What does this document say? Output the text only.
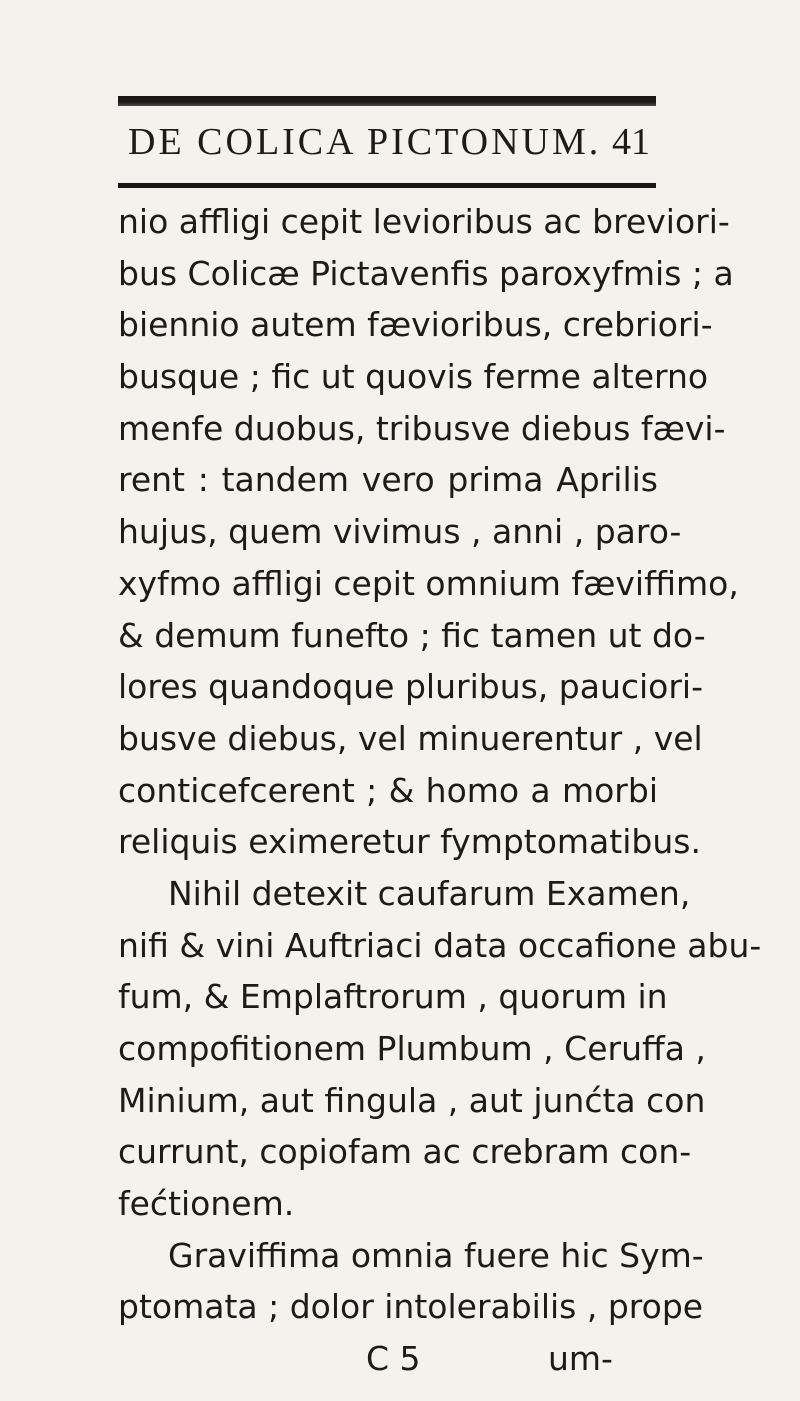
DE COLICA PICTONUM. 41
nio affligi cepit levioribus ac breviori-
bus Colicæ Pictavenfis paroxyfmis ; a
biennio autem fævioribus, crebriori-
busque ; fic ut quovis ferme alterno
menfe duobus, tribusve diebus fævi-
rent : tandem vero prima Aprilis
hujus, quem vivimus , anni , paro-
xyfmo affligi cepit omnium fæviffimo,
& demum funefto ; fic tamen ut do-
lores quandoque pluribus, pauciori-
busve diebus, vel minuerentur , vel
conticefcerent ; & homo a morbi
reliquis eximeretur fymptomatibus.
Nihil detexit caufarum Examen,
nifi & vini Auftriaci data occafione abu-
fum, & Emplaftrorum , quorum in
compofitionem Plumbum , Ceruffa ,
Minium, aut fingula , aut junćta con
currunt, copiofam ac crebram con-
fećtionem.
Graviffima omnia fuere hic Sym-
ptomata ; dolor intolerabilis , prope
C 5	um-
